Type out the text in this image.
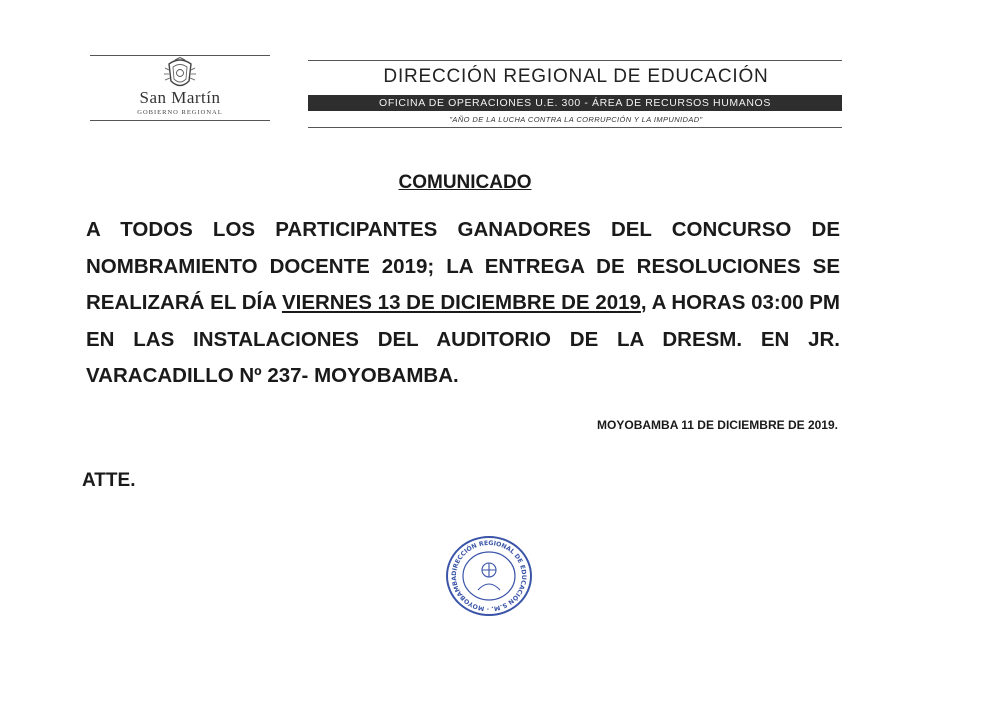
San Martín
GOBIERNO REGIONAL
DIRECCIÓN REGIONAL DE EDUCACIÓN
OFICINA DE OPERACIONES U.E. 300 - ÁREA DE RECURSOS HUMANOS
"AÑO DE LA LUCHA CONTRA LA CORRUPCIÓN Y LA IMPUNIDAD"
COMUNICADO

A TODOS LOS PARTICIPANTES GANADORES DEL CONCURSO DE NOMBRAMIENTO DOCENTE 2019; LA ENTREGA DE RESOLUCIONES SE REALIZARÁ EL DÍA VIERNES 13 DE DICIEMBRE DE 2019, A HORAS 03:00 PM EN LAS INSTALACIONES DEL AUDITORIO DE LA DRESM. EN JR. VARACADILLO Nº 237- MOYOBAMBA.

MOYOBAMBA 11 DE DICIEMBRE DE 2019.
ATTE.
DIRECCIÓN REGIONAL DE EDUCACIÓN S.M. · MOYOBAMBA
